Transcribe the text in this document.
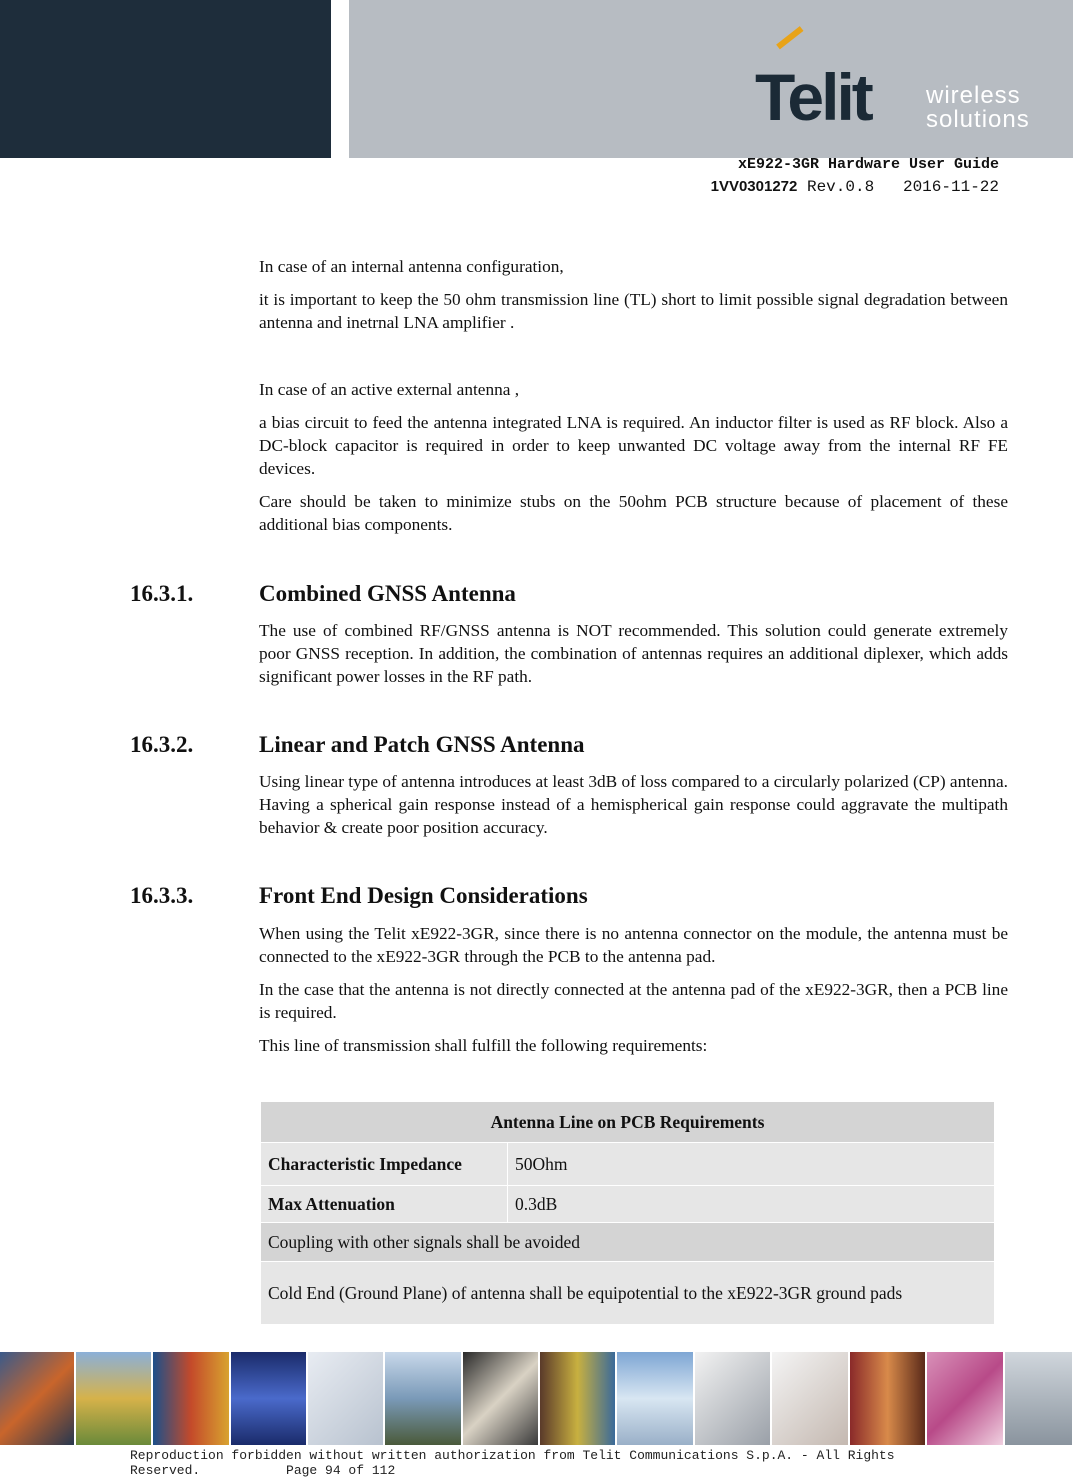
Telit wireless
solutions
xE922-3GR Hardware User Guide
1VV0301272 Rev.0.8   2016-11-22

In case of an internal antenna configuration,

it is important to keep the 50 ohm transmission line (TL) short to limit possible signal degradation between antenna and inetrnal LNA amplifier .

In case of an active external antenna ,

a bias circuit to feed the antenna integrated LNA is required. An inductor filter is used as RF block. Also a DC-block capacitor is required in order to keep unwanted DC voltage away from the internal RF FE devices.

Care should be taken to minimize stubs on the 50ohm PCB structure because of placement of these additional bias components.

16.3.1.	Combined GNSS Antenna

The use of combined RF/GNSS antenna is NOT recommended. This solution could generate extremely poor GNSS reception. In addition, the combination of antennas requires an additional diplexer, which adds significant power losses in the RF path.

16.3.2.	Linear and Patch GNSS Antenna

Using linear type of antenna introduces at least 3dB of loss compared to a circularly polarized (CP) antenna. Having a spherical gain response instead of a hemispherical gain response could aggravate the multipath behavior & create poor position accuracy.

16.3.3.	Front End Design Considerations

When using the Telit xE922-3GR, since there is no antenna connector on the module, the antenna must be connected to the xE922-3GR through the PCB to the antenna pad.

In the case that the antenna is not directly connected at the antenna pad of the xE922-3GR, then a PCB line is required.

This line of transmission shall fulfill the following requirements:

Antenna Line on PCB Requirements	
Characteristic Impedance	50Ohm
Max Attenuation	0.3dB
Coupling with other signals shall be avoided	
Cold End (Ground Plane) of antenna shall be equipotential to the xE922-3GR ground pads	
Reproduction forbidden without written authorization from Telit Communications S.p.A. - All Rights
Reserved.           Page 94 of 112
